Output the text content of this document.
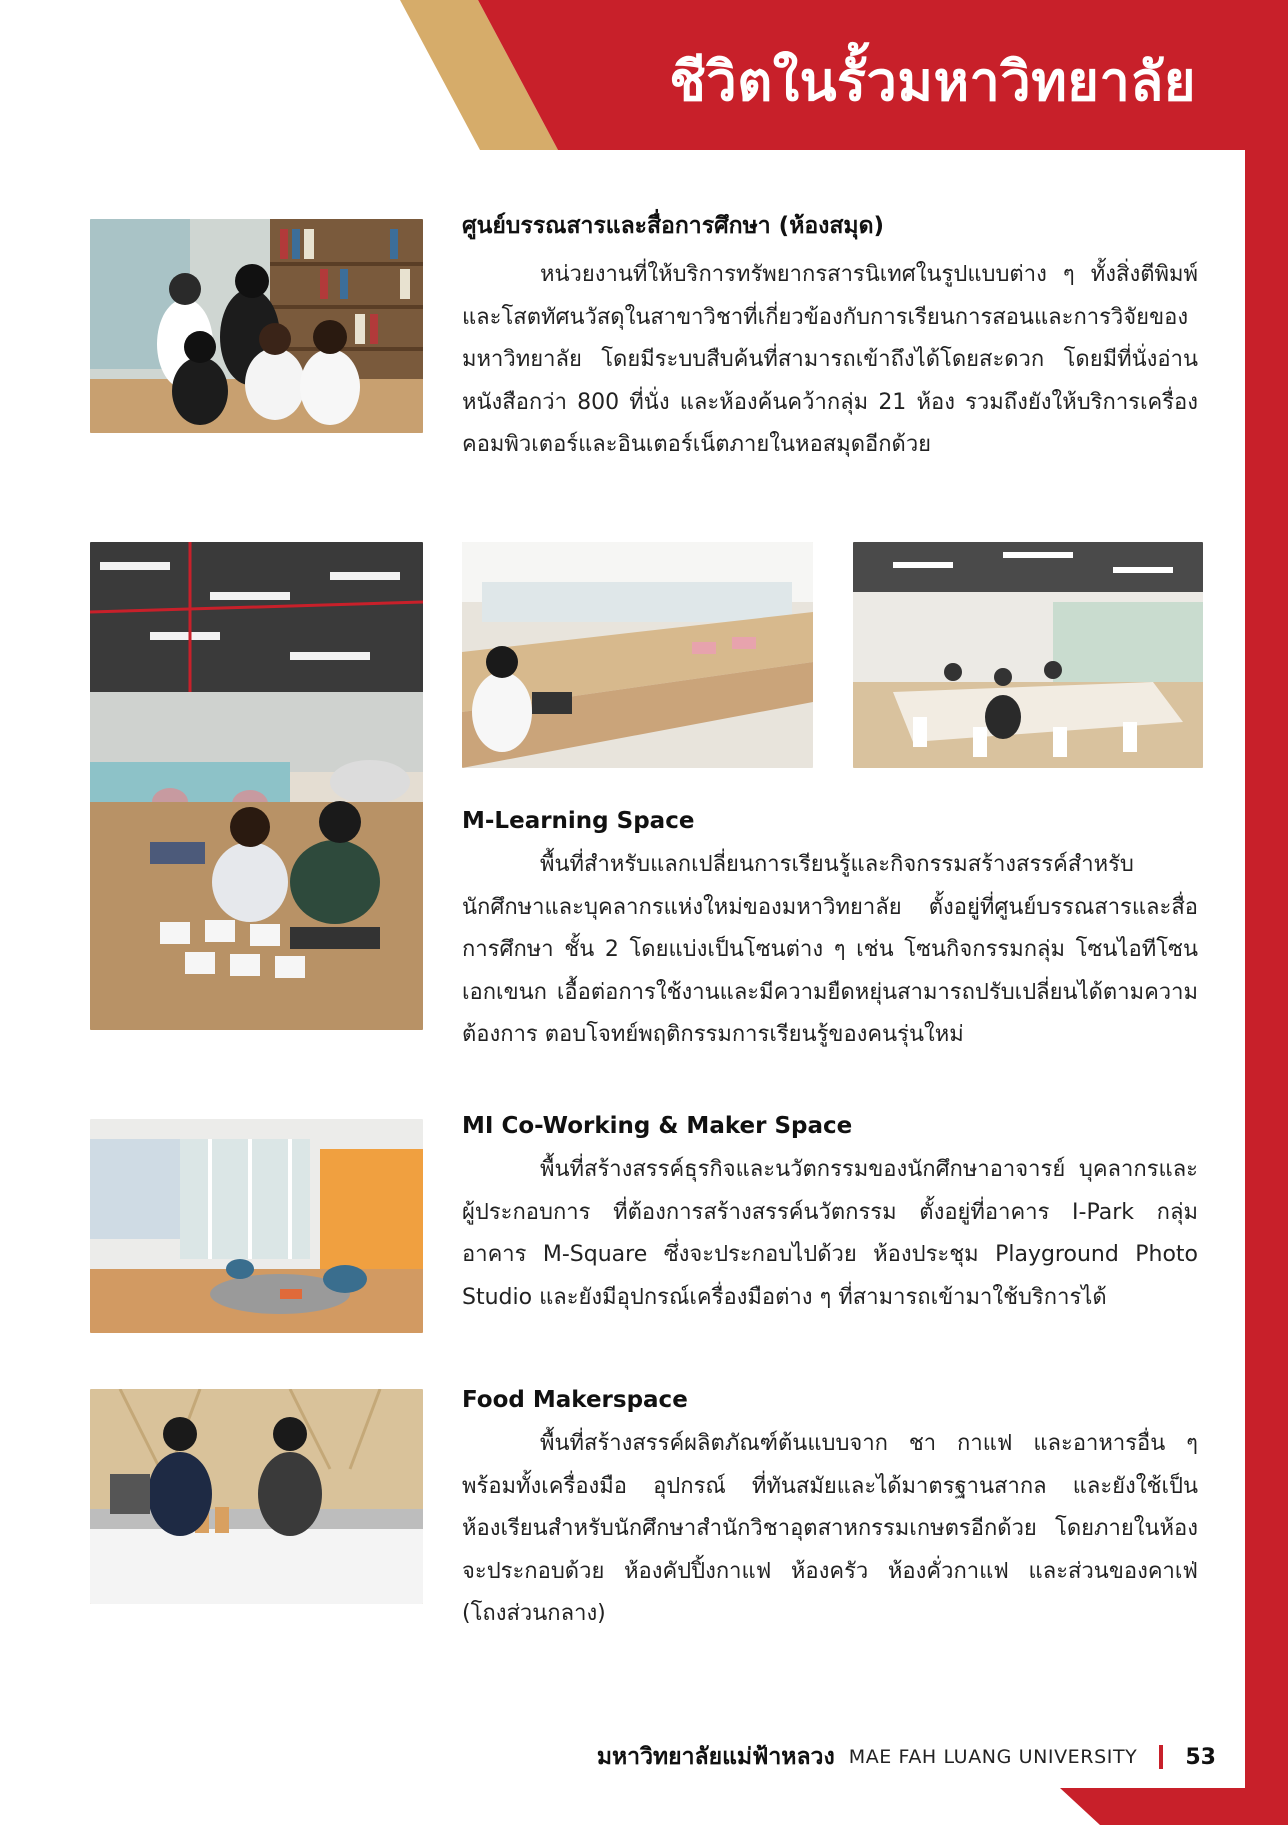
ชีวิตในรั้วมหาวิทยาลัย
ศูนย์บรรณสารและสื่อการศึกษา (ห้องสมุด)

หน่วยงานที่ให้บริการทรัพยากรสารนิเทศในรูปแบบต่าง ๆ ทั้งสิ่งตีพิมพ์และโสตทัศนวัสดุในสาขาวิชาที่เกี่ยวข้องกับการเรียนการสอนและการวิจัยของมหาวิทยาลัย โดยมีระบบสืบค้นที่สามารถเข้าถึงได้โดยสะดวก โดยมีที่นั่งอ่านหนังสือกว่า 800 ที่นั่ง และห้องค้นคว้ากลุ่ม 21 ห้อง รวมถึงยังให้บริการเครื่องคอมพิวเตอร์และอินเตอร์เน็ตภายในหอสมุดอีกด้วย

M-Learning Space

พื้นที่สำหรับแลกเปลี่ยนการเรียนรู้และกิจกรรมสร้างสรรค์สำหรับนักศึกษาและบุคลากรแห่งใหม่ของมหาวิทยาลัย ตั้งอยู่ที่ศูนย์บรรณสารและสื่อการศึกษา ชั้น 2 โดยแบ่งเป็นโซนต่าง ๆ เช่น โซนกิจกรรมกลุ่ม โซนไอทีโซนเอกเขนก เอื้อต่อการใช้งานและมีความยืดหยุ่นสามารถปรับเปลี่ยนได้ตามความต้องการ ตอบโจทย์พฤติกรรมการเรียนรู้ของคนรุ่นใหม่

MI Co-Working & Maker Space

พื้นที่สร้างสรรค์ธุรกิจและนวัตกรรมของนักศึกษาอาจารย์ บุคลากรและผู้ประกอบการ ที่ต้องการสร้างสรรค์นวัตกรรม ตั้งอยู่ที่อาคาร I-Park กลุ่มอาคาร M-Square ซึ่งจะประกอบไปด้วย ห้องประชุม Playground Photo Studio และยังมีอุปกรณ์เครื่องมือต่าง ๆ ที่สามารถเข้ามาใช้บริการได้

Food Makerspace

พื้นที่สร้างสรรค์ผลิตภัณฑ์ต้นแบบจาก ชา กาแฟ และอาหารอื่น ๆ พร้อมทั้งเครื่องมือ อุปกรณ์ ที่ทันสมัยและได้มาตรฐานสากล และยังใช้เป็นห้องเรียนสำหรับนักศึกษาสำนักวิชาอุตสาหกรรมเกษตรอีกด้วย โดยภายในห้องจะประกอบด้วย ห้องคัปปิ้งกาแฟ ห้องครัว ห้องคั่วกาแฟ และส่วนของคาเฟ่ (โถงส่วนกลาง)

มหาวิทยาลัยแม่ฟ้าหลวง MAE FAH LUANG UNIVERSITY 53
